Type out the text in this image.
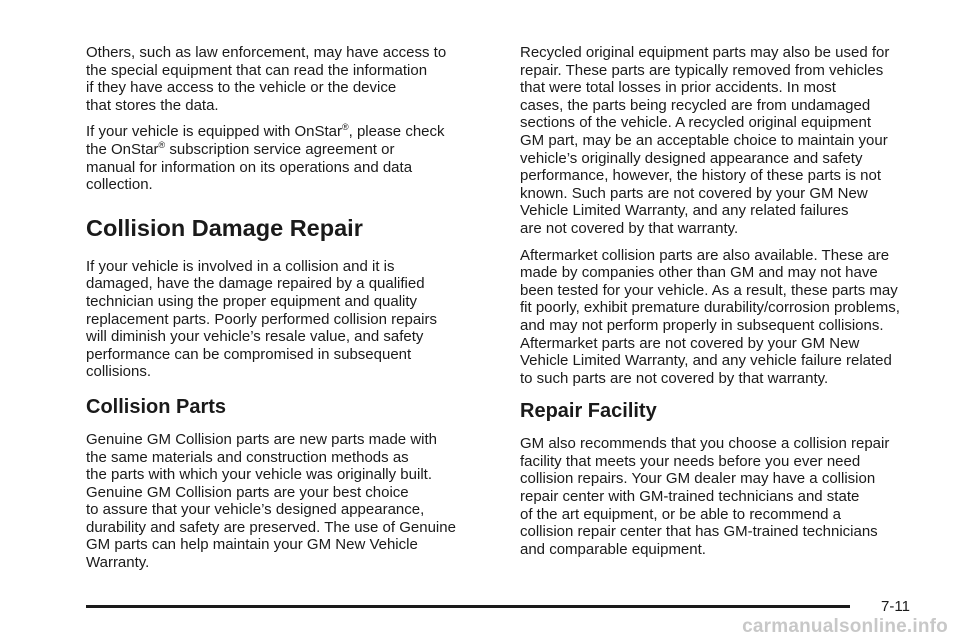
Others, such as law enforcement, may have access to
the special equipment that can read the information
if they have access to the vehicle or the device
that stores the data.

If your vehicle is equipped with OnStar®, please check
the OnStar® subscription service agreement or
manual for information on its operations and data
collection.

Collision Damage Repair

If your vehicle is involved in a collision and it is
damaged, have the damage repaired by a qualified
technician using the proper equipment and quality
replacement parts. Poorly performed collision repairs
will diminish your vehicle’s resale value, and safety
performance can be compromised in subsequent
collisions.

Collision Parts

Genuine GM Collision parts are new parts made with
the same materials and construction methods as
the parts with which your vehicle was originally built.
Genuine GM Collision parts are your best choice
to assure that your vehicle’s designed appearance,
durability and safety are preserved. The use of Genuine
GM parts can help maintain your GM New Vehicle
Warranty.

Recycled original equipment parts may also be used for
repair. These parts are typically removed from vehicles
that were total losses in prior accidents. In most
cases, the parts being recycled are from undamaged
sections of the vehicle. A recycled original equipment
GM part, may be an acceptable choice to maintain your
vehicle’s originally designed appearance and safety
performance, however, the history of these parts is not
known. Such parts are not covered by your GM New
Vehicle Limited Warranty, and any related failures
are not covered by that warranty.

Aftermarket collision parts are also available. These are
made by companies other than GM and may not have
been tested for your vehicle. As a result, these parts may
fit poorly, exhibit premature durability/corrosion problems,
and may not perform properly in subsequent collisions.
Aftermarket parts are not covered by your GM New
Vehicle Limited Warranty, and any vehicle failure related
to such parts are not covered by that warranty.

Repair Facility

GM also recommends that you choose a collision repair
facility that meets your needs before you ever need
collision repairs. Your GM dealer may have a collision
repair center with GM-trained technicians and state
of the art equipment, or be able to recommend a
collision repair center that has GM-trained technicians
and comparable equipment.

7-11
carmanualsonline.info
